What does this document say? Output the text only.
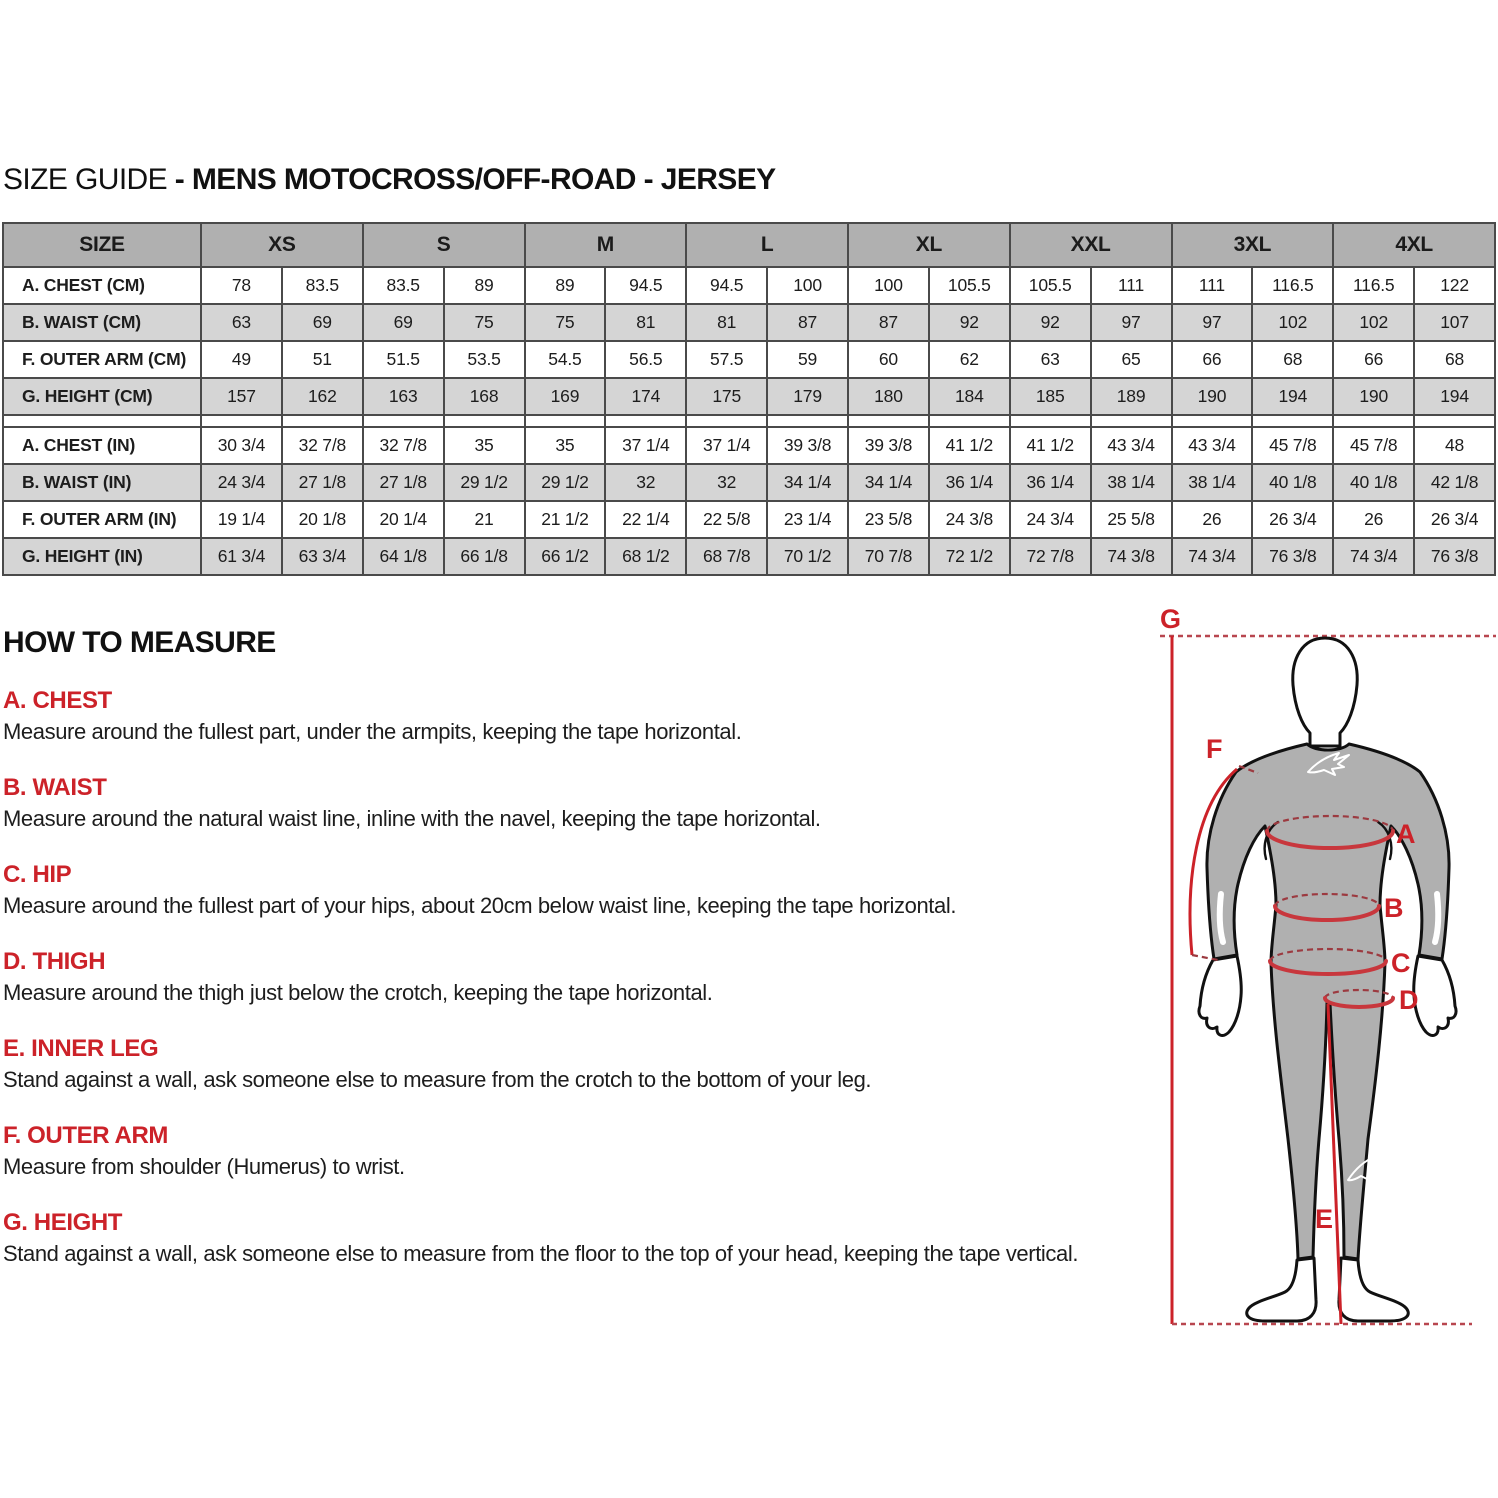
SIZE GUIDE - MENS MOTOCROSS/OFF-ROAD - JERSEY
SIZE	XS		S		M		L		XL		XXL		3XL		4XL	
A. CHEST (CM)	78	83.5	83.5	89	89	94.5	94.5	100	100	105.5	105.5	111	111	116.5	116.5	122
B. WAIST (CM)	63	69	69	75	75	81	81	87	87	92	92	97	97	102	102	107
F. OUTER ARM (CM)	49	51	51.5	53.5	54.5	56.5	57.5	59	60	62	63	65	66	68	66	68
G. HEIGHT (CM)	157	162	163	168	169	174	175	179	180	184	185	189	190	194	190	194

A. CHEST (IN)	30 3/4	32 7/8	32 7/8	35	35	37 1/4	37 1/4	39 3/8	39 3/8	41 1/2	41 1/2	43 3/4	43 3/4	45 7/8	45 7/8	48
B. WAIST (IN)	24 3/4	27 1/8	27 1/8	29 1/2	29 1/2	32	32	34 1/4	34 1/4	36 1/4	36 1/4	38 1/4	38 1/4	40 1/8	40 1/8	42 1/8
F. OUTER ARM (IN)	19 1/4	20 1/8	20 1/4	21	21 1/2	22 1/4	22 5/8	23 1/4	23 5/8	24 3/8	24 3/4	25 5/8	26	26 3/4	26	26 3/4
G. HEIGHT (IN)	61 3/4	63 3/4	64 1/8	66 1/8	66 1/2	68 1/2	68 7/8	70 1/2	70 7/8	72 1/2	72 7/8	74 3/8	74 3/4	76 3/8	74 3/4	76 3/8
HOW TO MEASURE

A. CHEST

Measure around the fullest part, under the armpits, keeping the tape horizontal.

B. WAIST

Measure around the natural waist line, inline with the navel, keeping the tape horizontal.

C. HIP

Measure around the fullest part of your hips, about 20cm below waist line, keeping the tape horizontal.

D. THIGH

Measure around the thigh just below the crotch, keeping the tape horizontal.

E. INNER LEG

Stand against a wall, ask someone else to measure from the crotch to the bottom of your leg.

F. OUTER ARM

Measure from shoulder (Humerus) to wrist.

G. HEIGHT

Stand against a wall, ask someone else to measure from the floor to the top of your head, keeping the tape vertical.

G
F
A
B
C
D
E
